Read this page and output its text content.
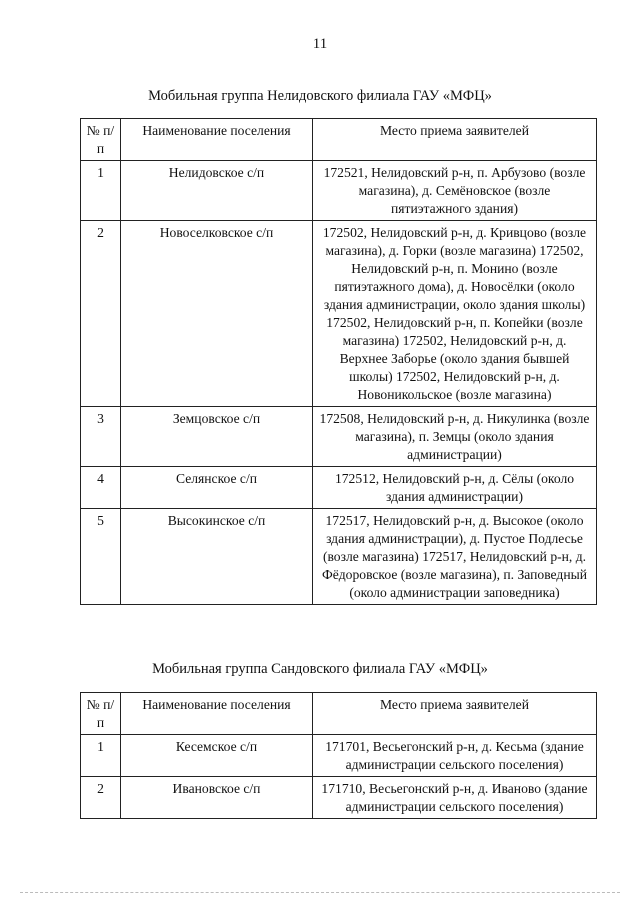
11
Мобильная группа Нелидовского филиала ГАУ «МФЦ»
№ п/п	Наименование поселения	Место приема заявителей
1	Нелидовское с/п	172521, Нелидовский р-н, п. Арбузово (возле магазина), д. Семёновское (возле пятиэтажного здания)
2	Новоселковское с/п	172502, Нелидовский р-н, д. Кривцово (возле магазина), д. Горки (возле магазина) 172502, Нелидовский р-н, п. Монино (возле пятиэтажного дома), д. Новосёлки (около здания администрации, около здания школы) 172502, Нелидовский р-н, п. Копейки (возле магазина) 172502, Нелидовский р-н, д. Верхнее Заборье (около здания бывшей школы) 172502, Нелидовский р-н, д. Новоникольское (возле магазина)
3	Земцовское с/п	172508, Нелидовский р-н, д. Никулинка (возле магазина), п. Земцы (около здания администрации)
4	Селянское с/п	172512, Нелидовский р-н, д. Сёлы (около здания администрации)
5	Высокинское с/п	172517, Нелидовский р-н, д. Высокое (около здания администрации), д. Пустое Подлесье (возле магазина) 172517, Нелидовский р-н, д. Фёдоровское (возле магазина), п. Заповедный (около администрации заповедника)
Мобильная группа Сандовского филиала ГАУ «МФЦ»
№ п/п	Наименование поселения	Место приема заявителей
1	Кесемское с/п	171701, Весьегонский р-н, д. Кесьма (здание администрации сельского поселения)
2	Ивановское с/п	171710, Весьегонский р-н, д. Иваново (здание администрации сельского поселения)
